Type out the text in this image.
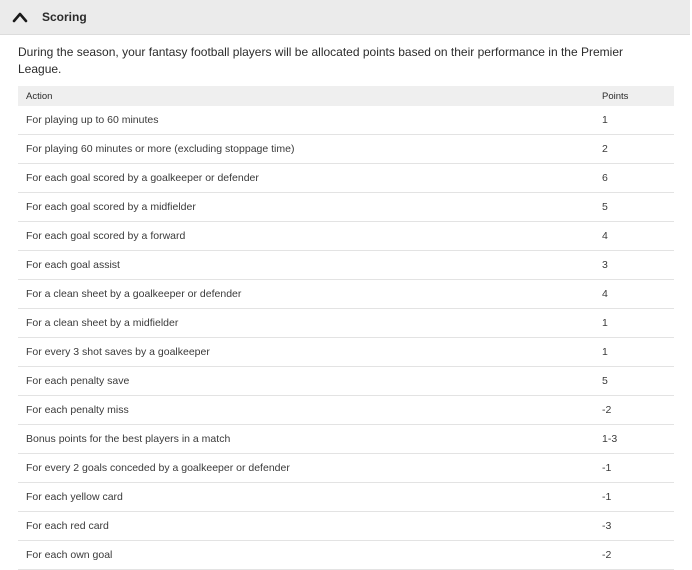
Scoring

During the season, your fantasy football players will be allocated points based on their performance in the Premier League.

Action	Points
For playing up to 60 minutes	1
For playing 60 minutes or more (excluding stoppage time)	2
For each goal scored by a goalkeeper or defender	6
For each goal scored by a midfielder	5
For each goal scored by a forward	4
For each goal assist	3
For a clean sheet by a goalkeeper or defender	4
For a clean sheet by a midfielder	1
For every 3 shot saves by a goalkeeper	1
For each penalty save	5
For each penalty miss	-2
Bonus points for the best players in a match	1-3
For every 2 goals conceded by a goalkeeper or defender	-1
For each yellow card	-1
For each red card	-3
For each own goal	-2
